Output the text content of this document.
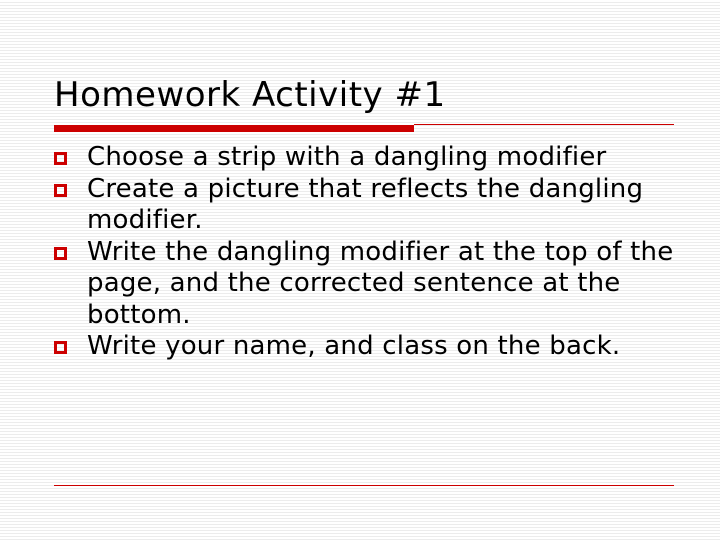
Homework Activity #1
Choose a strip with a dangling modifier
Create a picture that reflects the dangling modifier.
Write the dangling modifier at the top of the page, and the corrected sentence at the bottom.
Write your name, and class on the back.
